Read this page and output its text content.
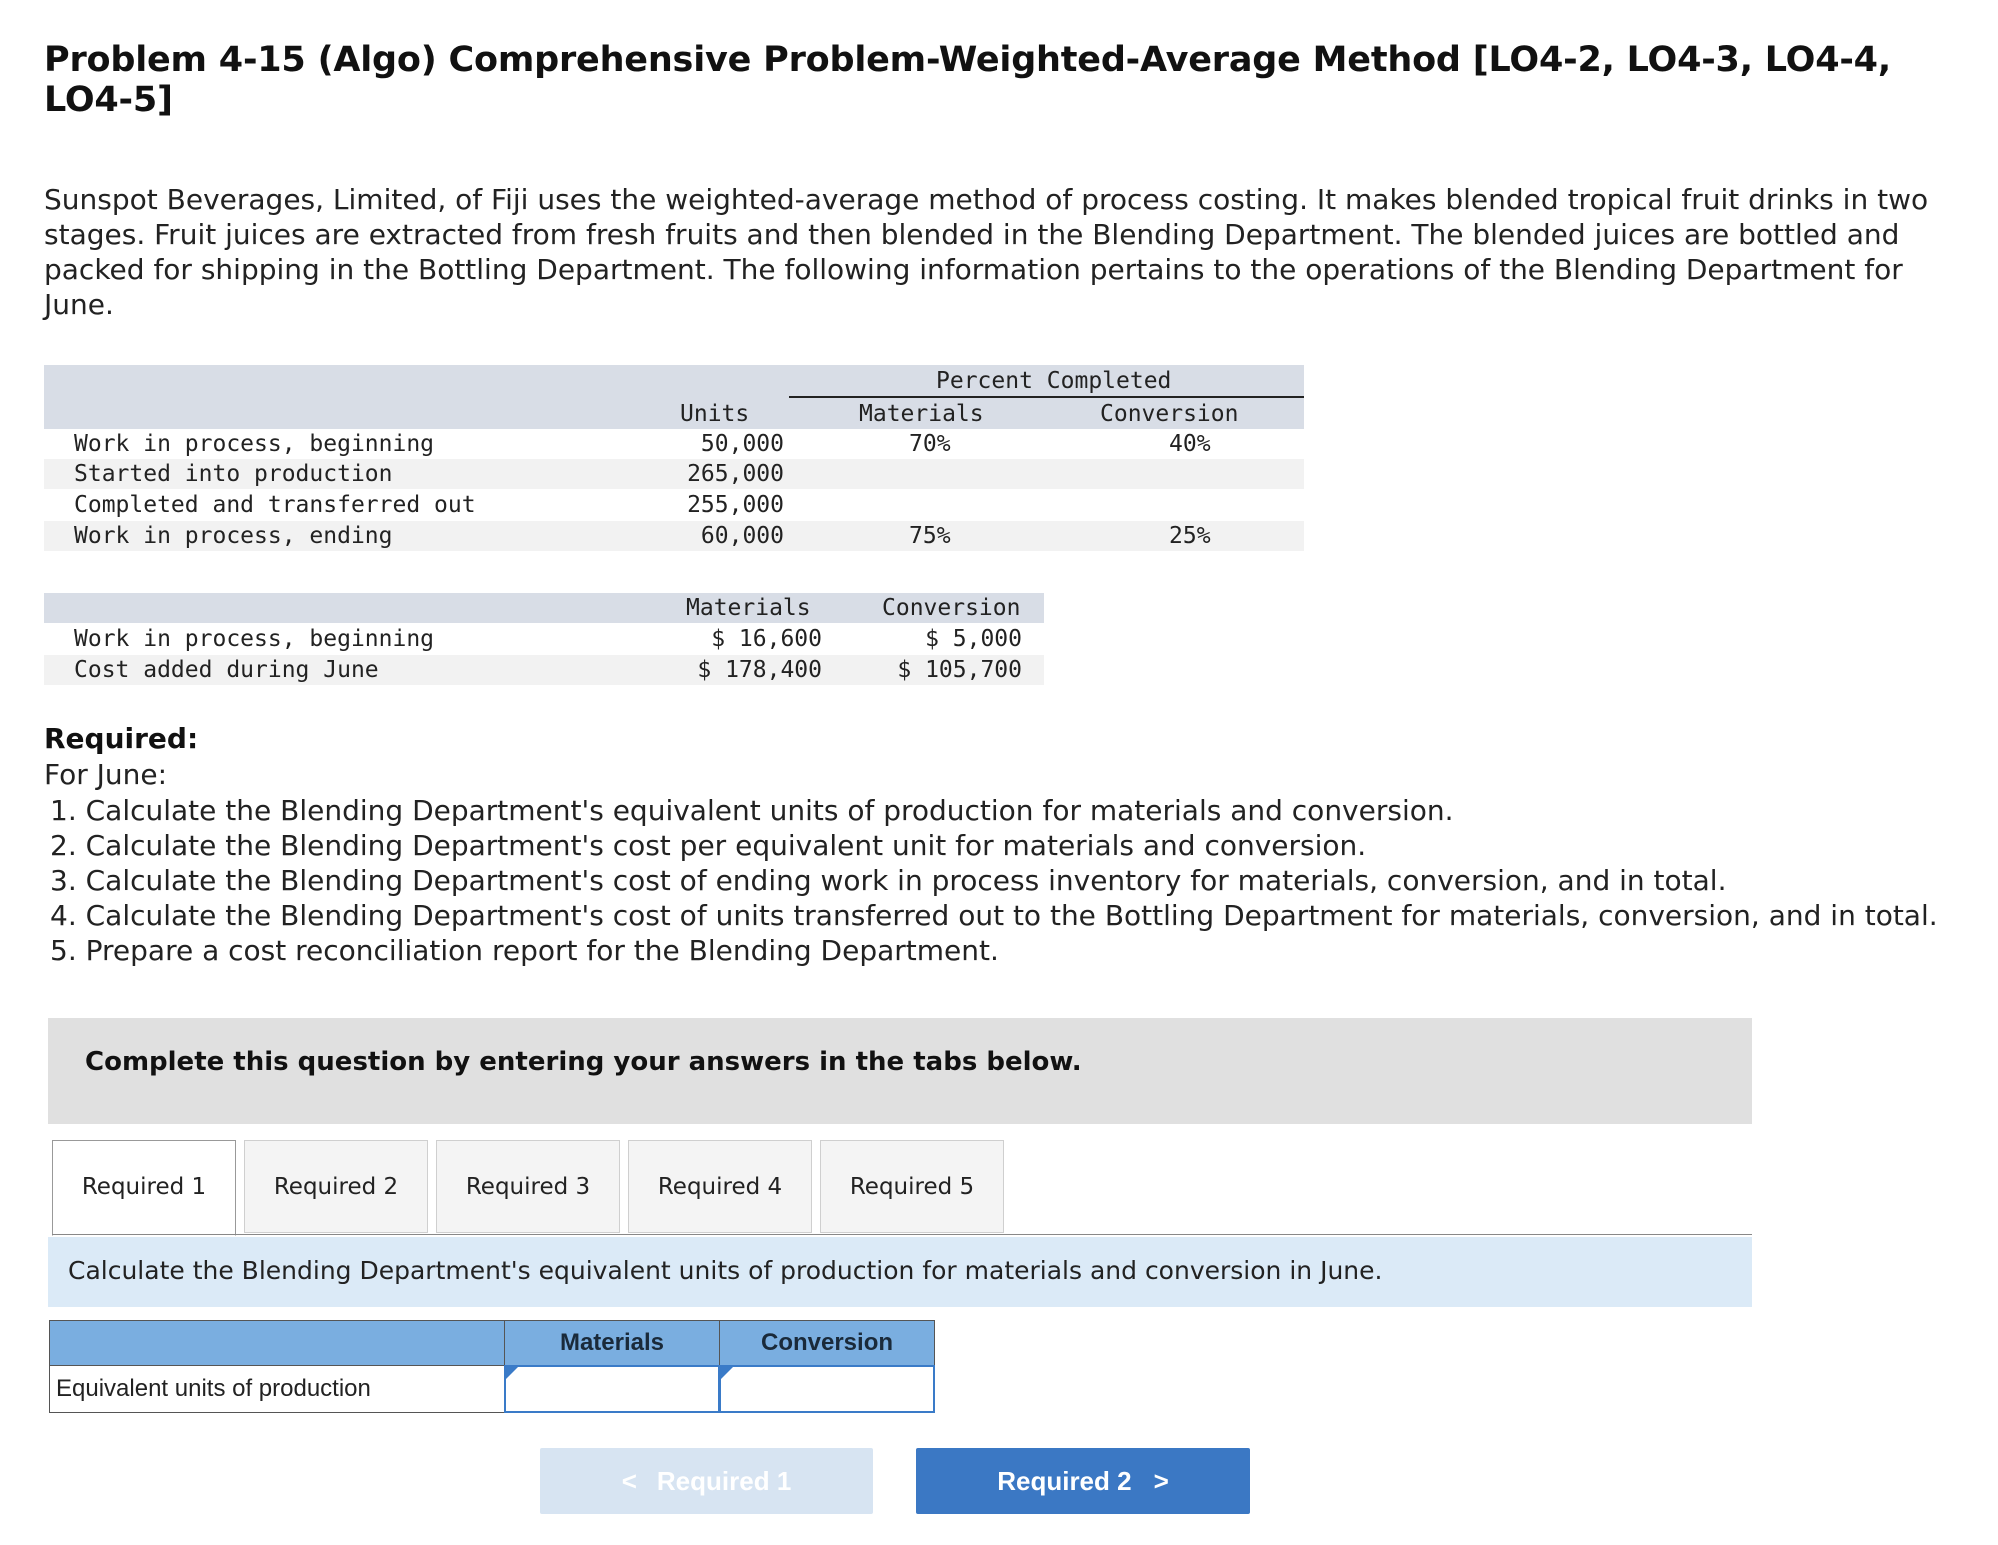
Problem 4-15 (Algo) Comprehensive Problem-Weighted-Average Method [LO4-2, LO4-3, LO4-4, LO4-5]
Sunspot Beverages, Limited, of Fiji uses the weighted-average method of process costing. It makes blended tropical fruit drinks in two stages. Fruit juices are extracted from fresh fruits and then blended in the Blending Department. The blended juices are bottled and packed for shipping in the Bottling Department. The following information pertains to the operations of the Blending Department for June.
Percent Completed
Units	Materials	Conversion
Work in process, beginning	50,000	70%	40%
Started into production	265,000
Completed and transferred out	255,000
Work in process, ending	60,000	75%	25%
Materials	Conversion
Work in process, beginning	$ 16,600	$ 5,000
Cost added during June	$ 178,400	$ 105,700
Required:
For June:
1. Calculate the Blending Department's equivalent units of production for materials and conversion.
2. Calculate the Blending Department's cost per equivalent unit for materials and conversion.
3. Calculate the Blending Department's cost of ending work in process inventory for materials, conversion, and in total.
4. Calculate the Blending Department's cost of units transferred out to the Bottling Department for materials, conversion, and in total.
5. Prepare a cost reconciliation report for the Blending Department.
Complete this question by entering your answers in the tabs below.
Required 1	Required 2	Required 3	Required 4	Required 5
Calculate the Blending Department's equivalent units of production for materials and conversion in June.
Materials	Conversion
Equivalent units of production
< Required 1	Required 2 >
